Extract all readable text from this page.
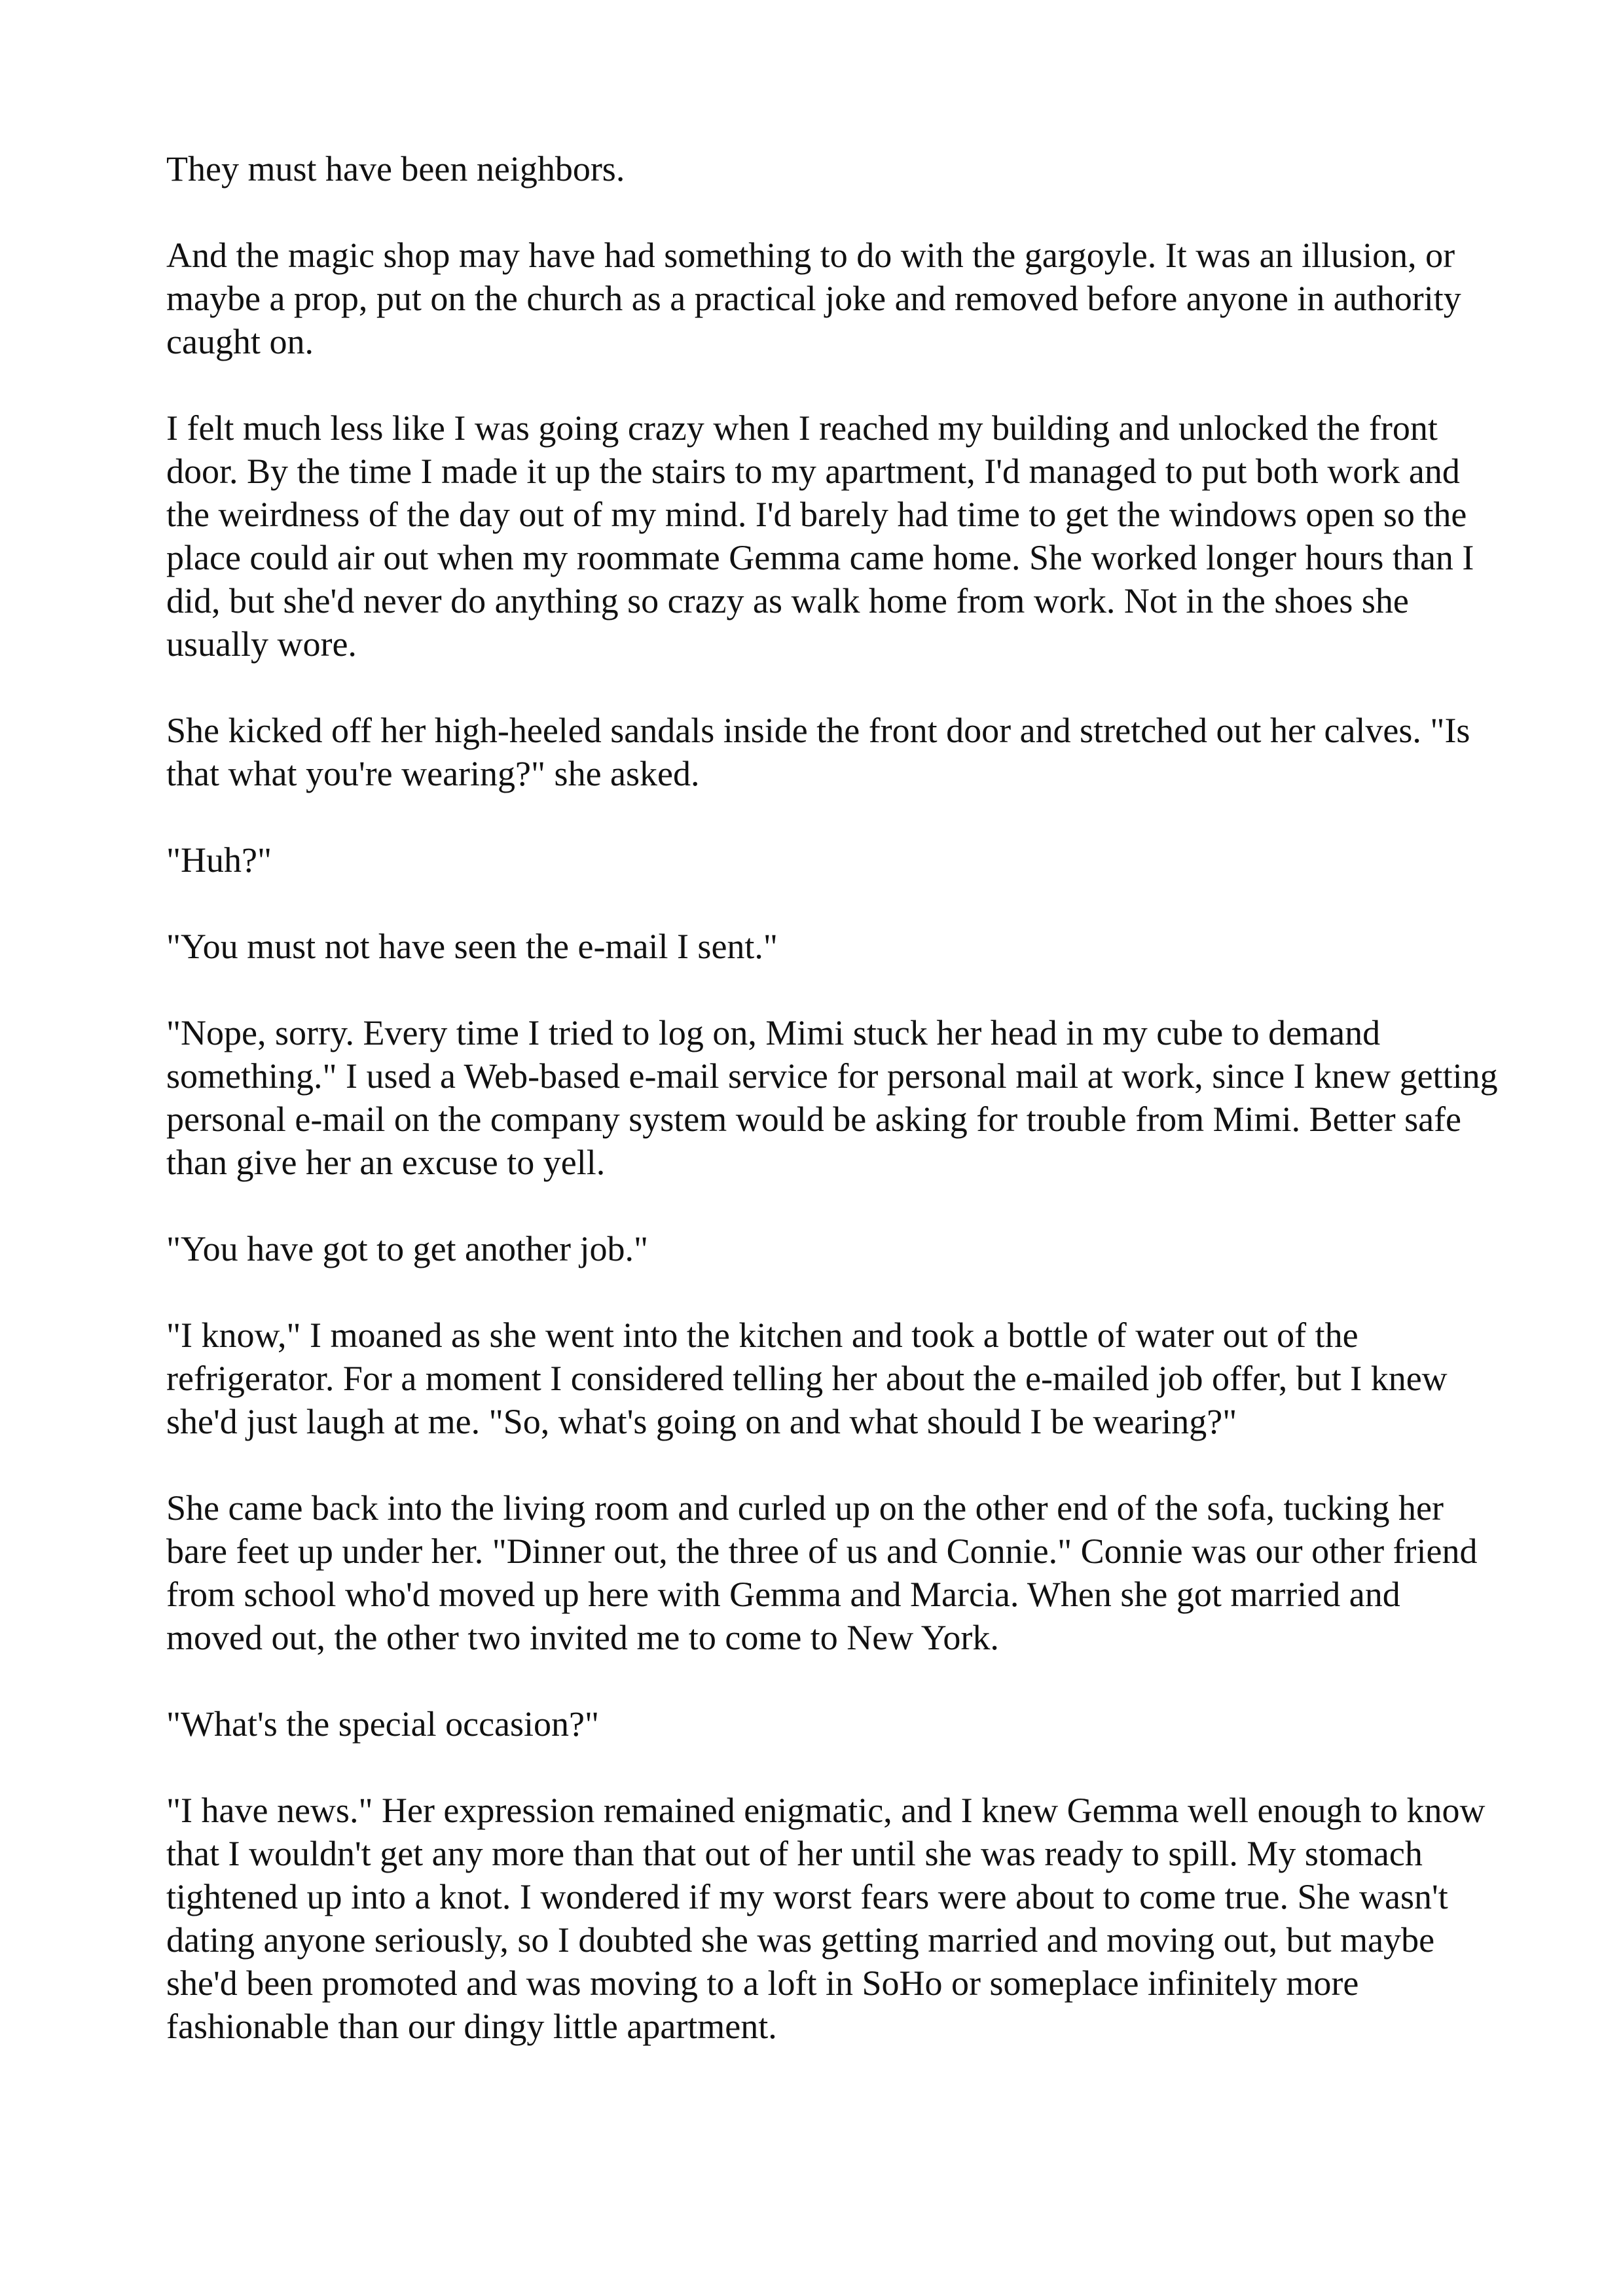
They must have been neighbors.

And the magic shop may have had something to do with the gargoyle. It was an illusion, or maybe a prop, put on the church as a practical joke and removed before anyone in authority caught on.

I felt much less like I was going crazy when I reached my building and unlocked the front door. By the time I made it up the stairs to my apartment, I'd managed to put both work and the weirdness of the day out of my mind. I'd barely had time to get the windows open so the place could air out when my roommate Gemma came home. She worked longer hours than I did, but she'd never do anything so crazy as walk home from work. Not in the shoes she usually wore.

She kicked off her high-heeled sandals inside the front door and stretched out her calves. "Is that what you're wearing?" she asked.

"Huh?"

"You must not have seen the e-mail I sent."

"Nope, sorry. Every time I tried to log on, Mimi stuck her head in my cube to demand something." I used a Web-based e-mail service for personal mail at work, since I knew getting personal e-mail on the company system would be asking for trouble from Mimi. Better safe than give her an excuse to yell.

"You have got to get another job."

"I know," I moaned as she went into the kitchen and took a bottle of water out of the refrigerator. For a moment I considered telling her about the e-mailed job offer, but I knew she'd just laugh at me. "So, what's going on and what should I be wearing?"

She came back into the living room and curled up on the other end of the sofa, tucking her bare feet up under her. "Dinner out, the three of us and Connie." Connie was our other friend from school who'd moved up here with Gemma and Marcia. When she got married and moved out, the other two invited me to come to New York.

"What's the special occasion?"

"I have news." Her expression remained enigmatic, and I knew Gemma well enough to know that I wouldn't get any more than that out of her until she was ready to spill. My stomach tightened up into a knot. I wondered if my worst fears were about to come true. She wasn't dating anyone seriously, so I doubted she was getting married and moving out, but maybe she'd been promoted and was moving to a loft in SoHo or someplace infinitely more fashionable than our dingy little apartment.
